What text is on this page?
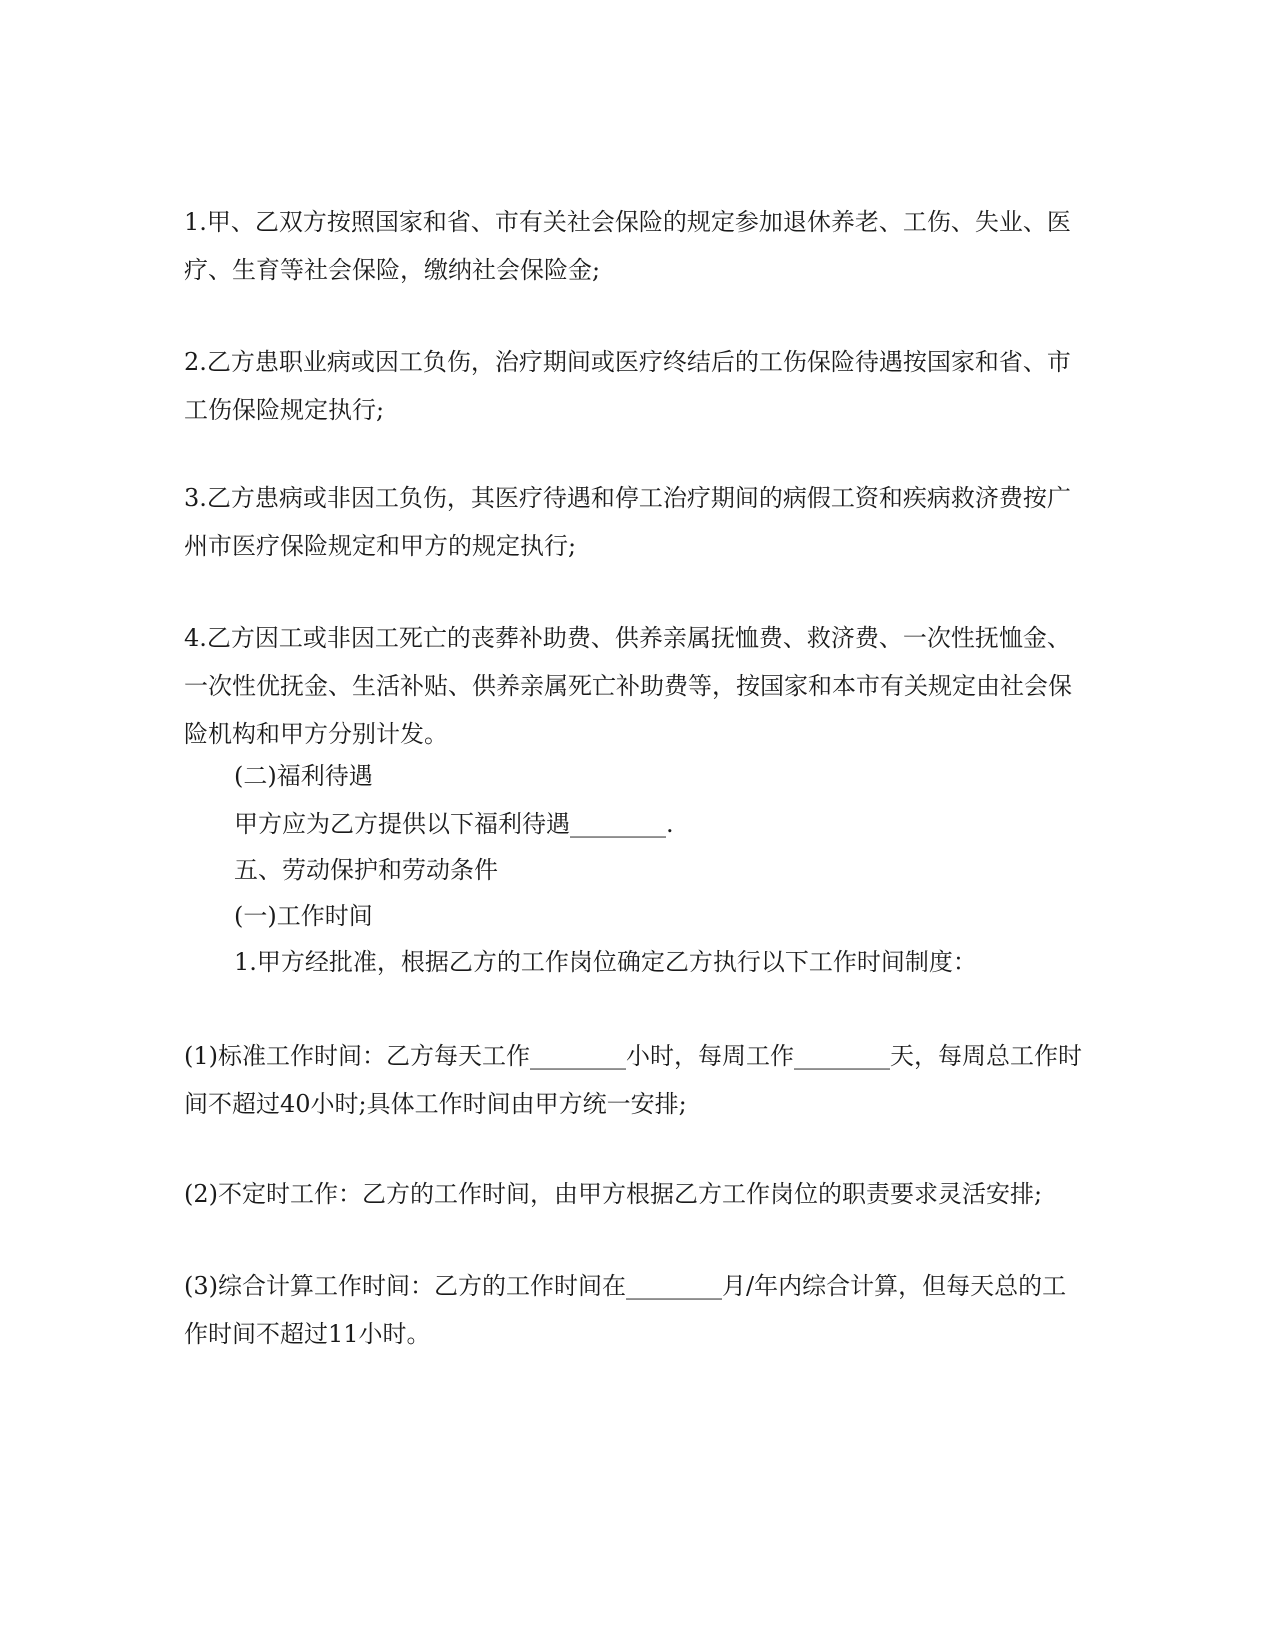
1.甲、乙双方按照国家和省、市有关社会保险的规定参加退休养老、工伤、失业、医疗、生育等社会保险，缴纳社会保险金;

2.乙方患职业病或因工负伤，治疗期间或医疗终结后的工伤保险待遇按国家和省、市工伤保险规定执行;

3.乙方患病或非因工负伤，其医疗待遇和停工治疗期间的病假工资和疾病救济费按广州市医疗保险规定和甲方的规定执行;

4.乙方因工或非因工死亡的丧葬补助费、供养亲属抚恤费、救济费、一次性抚恤金、一次性优抚金、生活补贴、供养亲属死亡补助费等，按国家和本市有关规定由社会保险机构和甲方分别计发。

(二)福利待遇

甲方应为乙方提供以下福利待遇________.

五、劳动保护和劳动条件

(一)工作时间

1.甲方经批准，根据乙方的工作岗位确定乙方执行以下工作时间制度：

(1)标准工作时间：乙方每天工作________小时，每周工作________天，每周总工作时间不超过40小时;具体工作时间由甲方统一安排;

(2)不定时工作：乙方的工作时间，由甲方根据乙方工作岗位的职责要求灵活安排;

(3)综合计算工作时间：乙方的工作时间在________月/年内综合计算，但每天总的工作时间不超过11小时。
